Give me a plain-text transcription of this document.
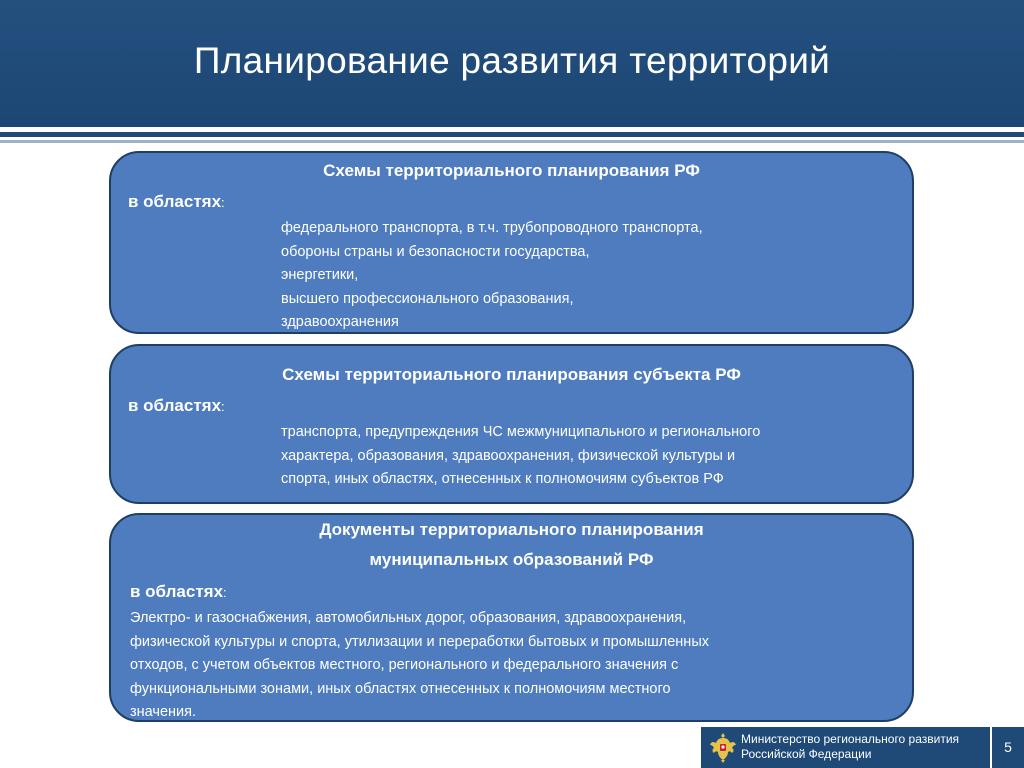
Планирование развития территорий
Схемы территориального планирования РФ
в областях:
федерального транспорта, в т.ч. трубопроводного транспорта,
обороны страны и безопасности государства,
энергетики,
высшего профессионального образования,
здравоохранения
Схемы территориального планирования субъекта РФ
в областях:
транспорта, предупреждения ЧС межмуниципального и регионального
характера, образования, здравоохранения, физической культуры и
спорта, иных областях, отнесенных к полномочиям субъектов РФ
Документы территориального планирования
муниципальных образований РФ
в областях:
Электро- и газоснабжения, автомобильных дорог, образования, здравоохранения,
физической культуры и спорта, утилизации и переработки бытовых и промышленных
отходов, с учетом объектов местного, регионального и федерального значения с
функциональными зонами, иных областях отнесенных к полномочиям местного
значения.
Министерство регионального развития
Российской Федерации	5
